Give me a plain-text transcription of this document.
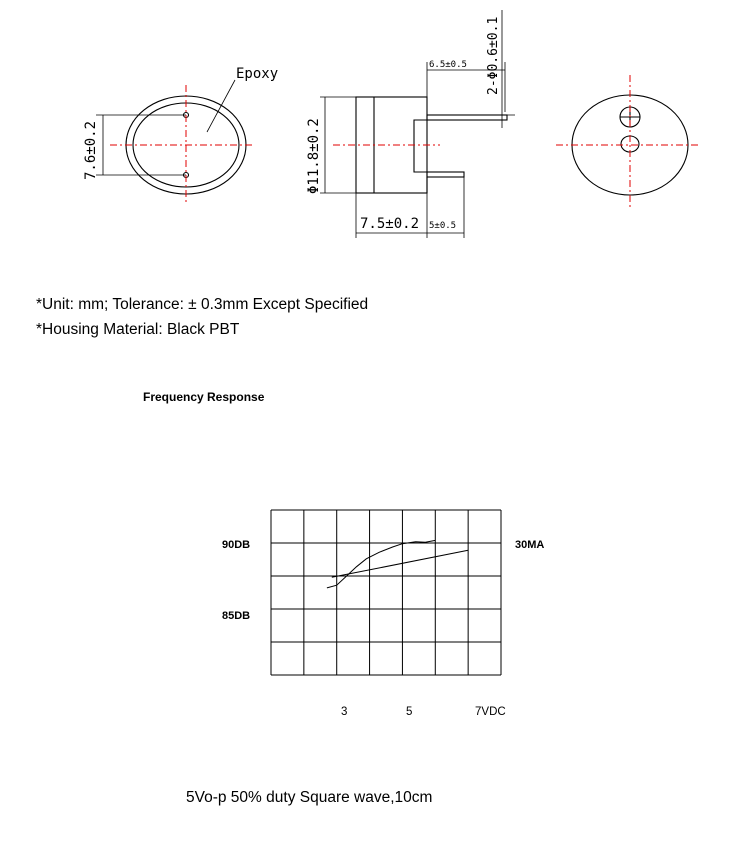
Epoxy
7.6±0.2	Φ11.8±0.2
7.5±0.2
6.5±0.5 2-Φ0.6±0.1
5±0.5
*Unit: mm; Tolerance: ± 0.3mm Except Specified
*Housing Material: Black PBT
Frequency Response
90DB
85DB
30MA
3	5	7VDC
5Vo-p 50% duty Square wave,10cm
